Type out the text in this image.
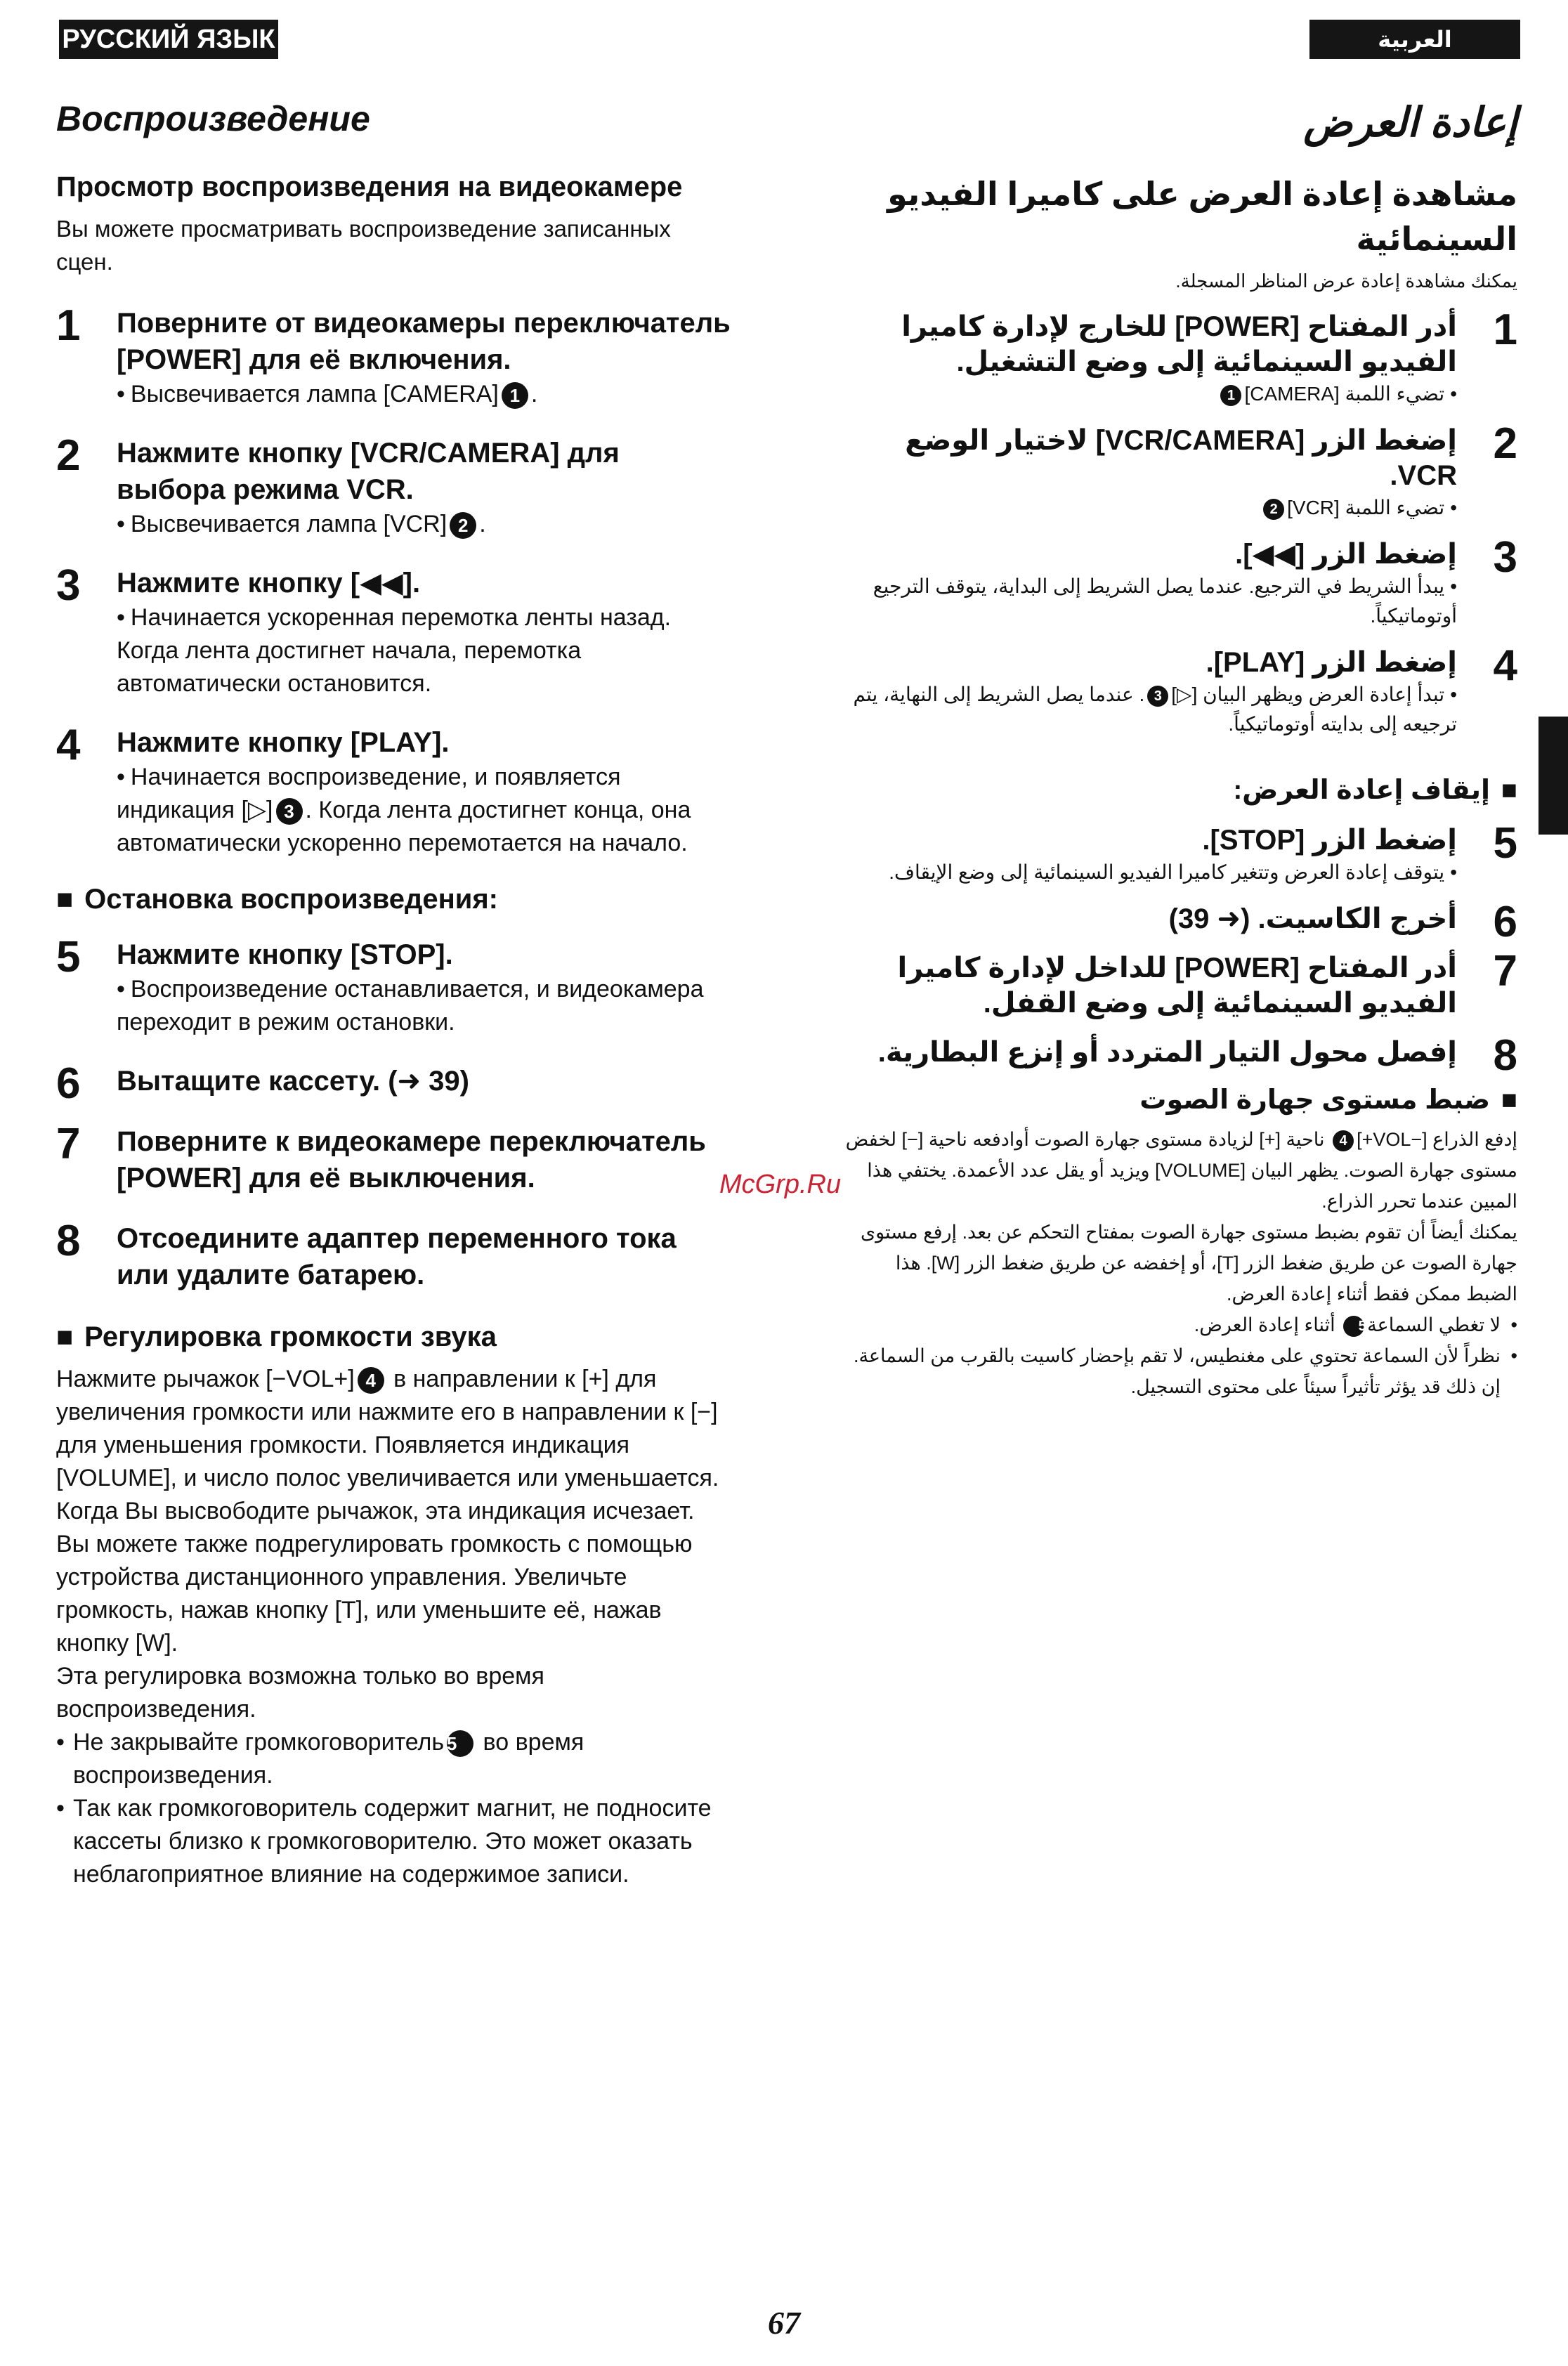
РУССКИЙ ЯЗЫК	العربية
Воспроизведение
Просмотр воспроизведения на видеокамере
Вы можете просматривать воспроизведение записанных сцен.
1 Поверните от видеокамеры переключатель [POWER] для её включения.
• Высвечивается лампа [CAMERA] 1 .
2 Нажмите кнопку [VCR/CAMERA] для выбора режима VCR.
• Высвечивается лампа [VCR] 2 .
3 Нажмите кнопку [◀◀].
• Начинается ускоренная перемотка ленты назад. Когда лента достигнет начала, перемотка автоматически остановится.
4 Нажмите кнопку [PLAY].
• Начинается воспроизведение, и появляется индикация [▷] 3 . Когда лента достигнет конца, она автоматически ускоренно перемотается на начало.
■ Остановка воспроизведения:
5 Нажмите кнопку [STOP].
• Воспроизведение останавливается, и видеокамера переходит в режим остановки.
6 Вытащите кассету. (➜ 39)
7 Поверните к видеокамере переключатель [POWER] для её выключения.
8 Отсоедините адаптер переменного тока или удалите батарею.
■ Регулировка громкости звука
Нажмите рычажок [−VOL+] 4 в направлении к [+] для увеличения громкости или нажмите его в направлении к [−] для уменьшения громкости. Появляется индикация [VOLUME], и число полос увеличивается или уменьшается. Когда Вы высвободите рычажок, эта индикация исчезает.
Вы можете также подрегулировать громкость с помощью устройства дистанционного управления. Увеличьте громкость, нажав кнопку [T], или уменьшите её, нажав кнопку [W].
Эта регулировка возможна только во время воспроизведения.
• Не закрывайте громкоговоритель 5 во время воспроизведения.
• Так как громкоговоритель содержит магнит, не подносите кассеты близко к громкоговорителю. Это может оказать неблагоприятное влияние на содержимое записи.
إعادة العرض
مشاهدة إعادة العرض على كاميرا الفيديو السينمائية
يمكنك مشاهدة إعادة عرض المناظر المسجلة.
1
أدر المفتاح [POWER] للخارج لإدارة كاميرا الفيديو السينمائية إلى وضع التشغيل.
• تضيء اللمبة [CAMERA]1
2
إضغط الزر [VCR/CAMERA] لاختيار الوضع VCR.
• تضيء اللمبة [VCR]2
3
إضغط الزر [◀◀].
• يبدأ الشريط في الترجيع. عندما يصل الشريط إلى البداية، يتوقف الترجيع أوتوماتيكياً.
4
إضغط الزر [PLAY].
• تبدأ إعادة العرض ويظهر البيان [▷]3. عندما يصل الشريط إلى النهاية، يتم ترجيعه إلى بدايته أوتوماتيكياً.
■ إيقاف إعادة العرض:
5
إضغط الزر [STOP].
• يتوقف إعادة العرض وتتغير كاميرا الفيديو السينمائية إلى وضع الإيقاف.
6
أخرج الكاسيت. (➜ 39)
7
أدر المفتاح [POWER] للداخل لإدارة كاميرا الفيديو السينمائية إلى وضع القفل.
8
إفصل محول التيار المتردد أو إنزع البطارية.
■ ضبط مستوى جهارة الصوت
إدفع الذراع [−VOL+]4 ناحية [+] لزيادة مستوى جهارة الصوت أوادفعه ناحية [−] لخفض مستوى جهارة الصوت. يظهر البيان [VOLUME] ويزيد أو يقل عدد الأعمدة. يختفي هذا المبين عندما تحرر الذراع.
يمكنك أيضاً أن تقوم بضبط مستوى جهارة الصوت بمفتاح التحكم عن بعد. إرفع مستوى جهارة الصوت عن طريق ضغط الزر [T]، أو إخفضه عن طريق ضغط الزر [W]. هذا الضبط ممكن فقط أثناء إعادة العرض.
• لا تغطي السماعة5 أثناء إعادة العرض.
• نظراً لأن السماعة تحتوي على مغنطيس، لا تقم بإحضار كاسيت بالقرب من السماعة. إن ذلك قد يؤثر تأثيراً سيئاً على محتوى التسجيل.
McGrp.Ru
67
